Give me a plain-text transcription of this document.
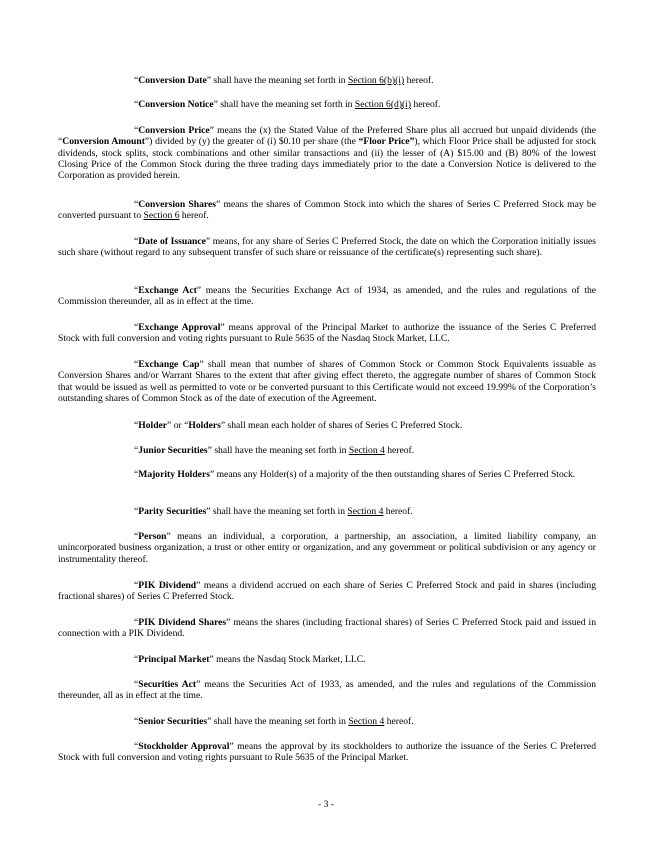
“Conversion Date” shall have the meaning set forth in Section 6(b)(i) hereof.

“Conversion Notice” shall have the meaning set forth in Section 6(d)(i) hereof.

“Conversion Price” means the (x) the Stated Value of the Preferred Share plus all accrued but unpaid dividends (the “Conversion Amount”) divided by (y) the greater of (i) $0.10 per share (the “Floor Price”), which Floor Price shall be adjusted for stock dividends, stock splits, stock combinations and other similar transactions and (ii) the lesser of (A) $15.00 and (B) 80% of the lowest Closing Price of the Common Stock during the three trading days immediately prior to the date a Conversion Notice is delivered to the Corporation as provided herein.

“Conversion Shares” means the shares of Common Stock into which the shares of Series C Preferred Stock may be converted pursuant to Section 6 hereof.

“Date of Issuance” means, for any share of Series C Preferred Stock, the date on which the Corporation initially issues such share (without regard to any subsequent transfer of such share or reissuance of the certificate(s) representing such share).

“Exchange Act” means the Securities Exchange Act of 1934, as amended, and the rules and regulations of the Commission thereunder, all as in effect at the time.

“Exchange Approval” means approval of the Principal Market to authorize the issuance of the Series C Preferred Stock with full conversion and voting rights pursuant to Rule 5635 of the Nasdaq Stock Market, LLC.

“Exchange Cap” shall mean that number of shares of Common Stock or Common Stock Equivalents issuable as Conversion Shares and/or Warrant Shares to the extent that after giving effect thereto, the aggregate number of shares of Common Stock that would be issued as well as permitted to vote or be converted pursuant to this Certificate would not exceed 19.99% of the Corporation’s outstanding shares of Common Stock as of the date of execution of the Agreement.

“Holder” or “Holders” shall mean each holder of shares of Series C Preferred Stock.

“Junior Securities” shall have the meaning set forth in Section 4 hereof.

“Majority Holders” means any Holder(s) of a majority of the then outstanding shares of Series C Preferred Stock.

“Parity Securities” shall have the meaning set forth in Section 4 hereof.

“Person” means an individual, a corporation, a partnership, an association, a limited liability company, an unincorporated business organization, a trust or other entity or organization, and any government or political subdivision or any agency or instrumentality thereof.

“PIK Dividend” means a dividend accrued on each share of Series C Preferred Stock and paid in shares (including fractional shares) of Series C Preferred Stock.

“PIK Dividend Shares” means the shares (including fractional shares) of Series C Preferred Stock paid and issued in connection with a PIK Dividend.

“Principal Market” means the Nasdaq Stock Market, LLC.

“Securities Act” means the Securities Act of 1933, as amended, and the rules and regulations of the Commission thereunder, all as in effect at the time.

“Senior Securities” shall have the meaning set forth in Section 4 hereof.

“Stockholder Approval” means the approval by its stockholders to authorize the issuance of the Series C Preferred Stock with full conversion and voting rights pursuant to Rule 5635 of the Principal Market.

- 3 -
